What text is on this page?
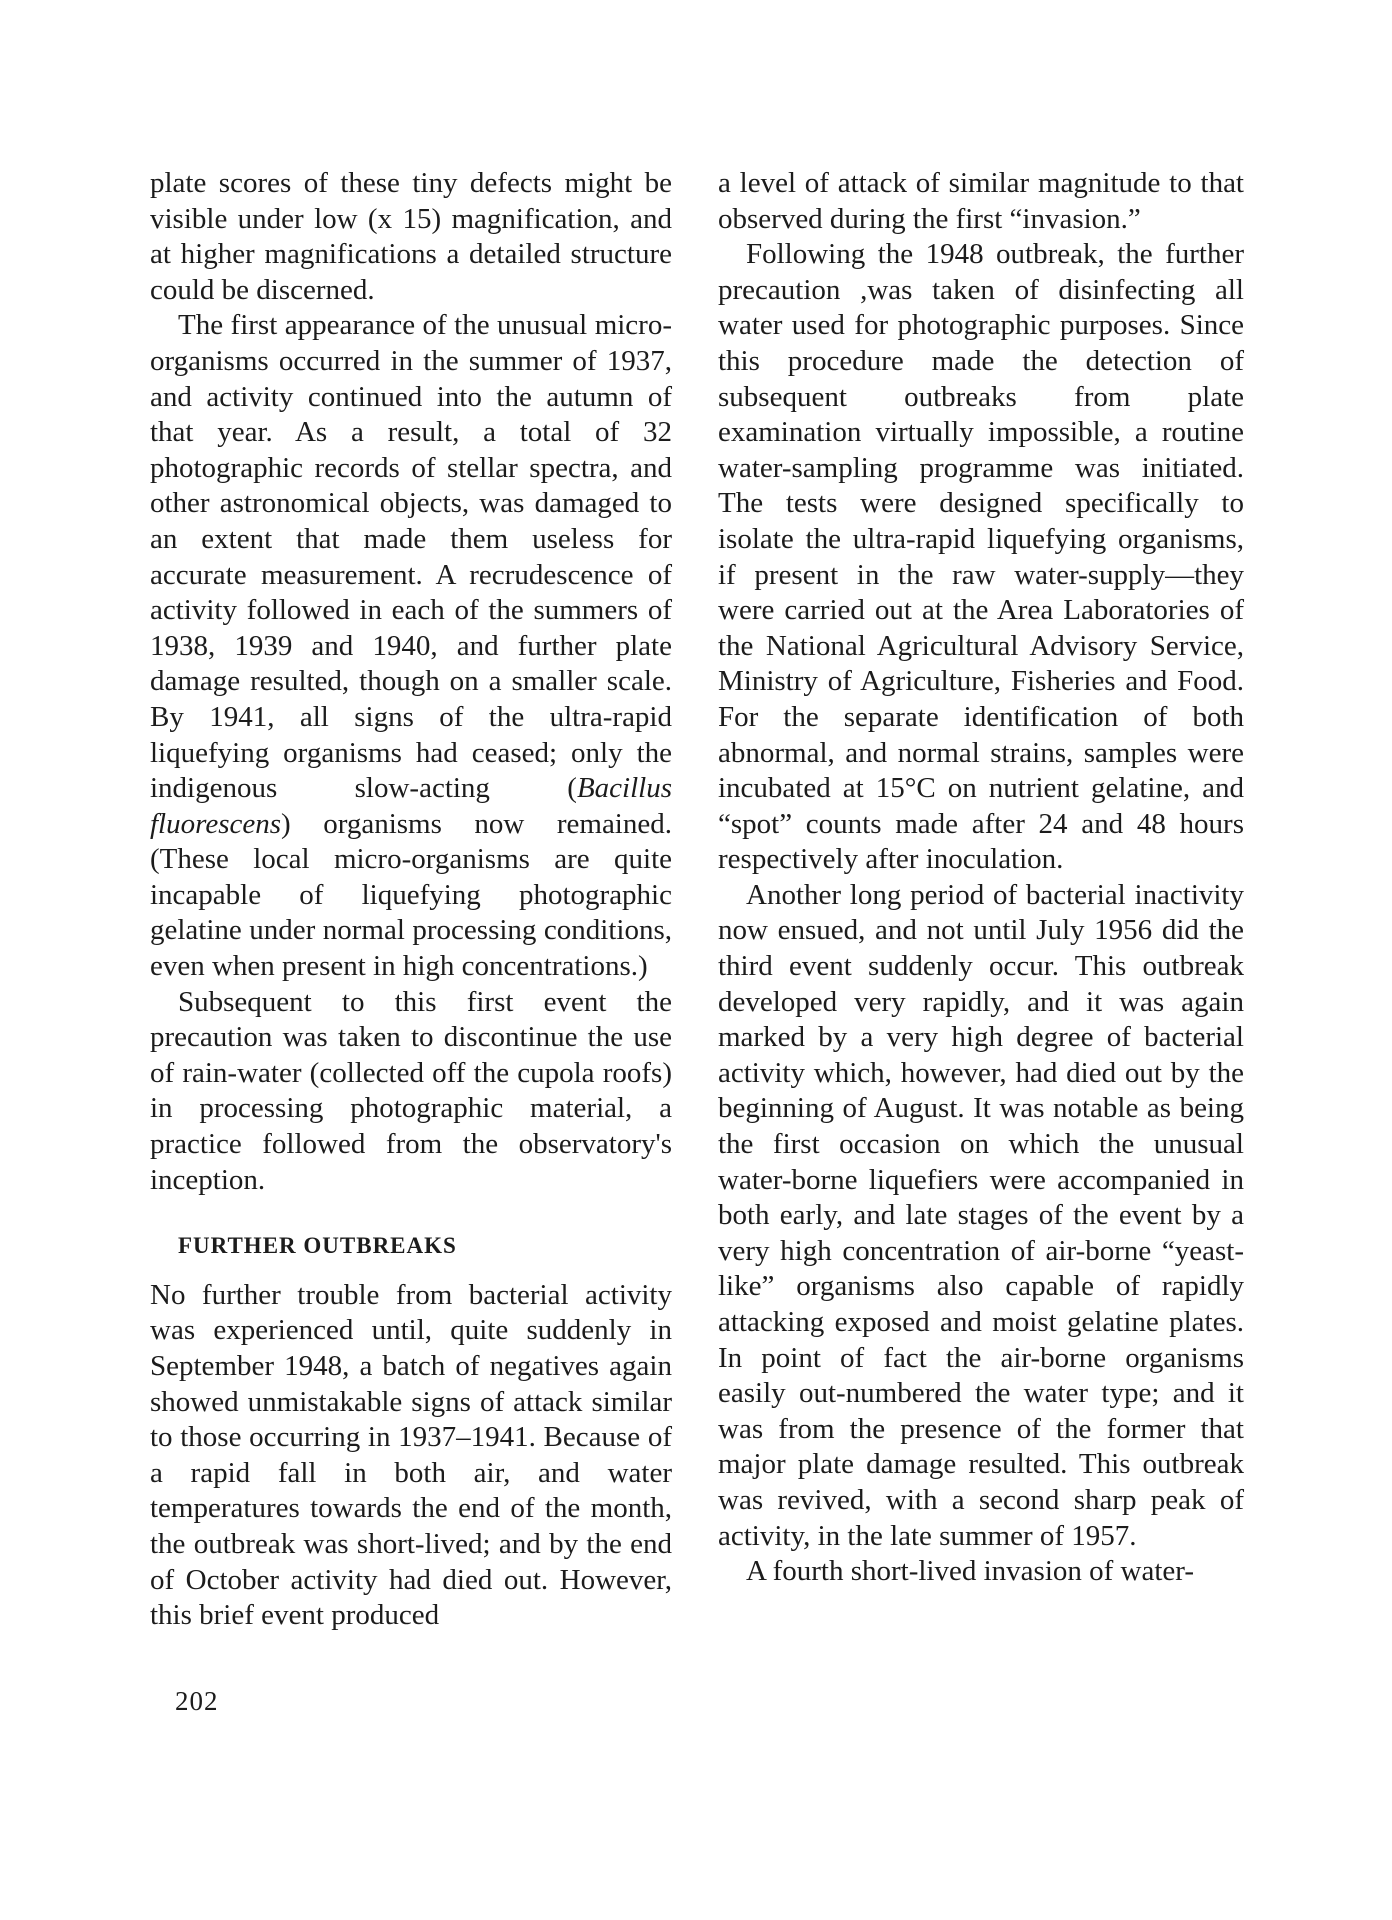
plate scores of these tiny defects might be visible under low (x 15) magnification, and at higher magnifications a detailed structure could be discerned.

The first appearance of the unusual micro-organisms occurred in the summer of 1937, and activity continued into the autumn of that year. As a result, a total of 32 photographic records of stellar spectra, and other astronomical objects, was damaged to an extent that made them useless for accurate measurement. A recrudescence of activity followed in each of the summers of 1938, 1939 and 1940, and further plate damage resulted, though on a smaller scale. By 1941, all signs of the ultra-rapid liquefying organisms had ceased; only the indigenous slow-acting (Bacillus fluorescens) organisms now remained. (These local micro-organisms are quite incapable of liquefying photographic gelatine under normal processing conditions, even when present in high concentrations.)

Subsequent to this first event the precaution was taken to discontinue the use of rain-water (collected off the cupola roofs) in processing photographic material, a practice followed from the observatory's inception.

FURTHER OUTBREAKS

No further trouble from bacterial activity was experienced until, quite suddenly in September 1948, a batch of negatives again showed unmistakable signs of attack similar to those occurring in 1937–1941. Because of a rapid fall in both air, and water temperatures towards the end of the month, the outbreak was short-lived; and by the end of October activity had died out. However, this brief event produced

a level of attack of similar magnitude to that observed during the first “invasion.”

Following the 1948 outbreak, the further precaution ,was taken of disinfecting all water used for photographic purposes. Since this procedure made the detection of subsequent outbreaks from plate examination virtually impossible, a routine water-sampling programme was initiated. The tests were designed specifically to isolate the ultra-rapid liquefying organisms, if present in the raw water-supply—they were carried out at the Area Laboratories of the National Agricultural Advisory Service, Ministry of Agriculture, Fisheries and Food. For the separate identification of both abnormal, and normal strains, samples were incubated at 15°C on nutrient gelatine, and “spot” counts made after 24 and 48 hours respectively after inoculation.

Another long period of bacterial inactivity now ensued, and not until July 1956 did the third event suddenly occur. This outbreak developed very rapidly, and it was again marked by a very high degree of bacterial activity which, however, had died out by the beginning of August. It was notable as being the first occasion on which the unusual water-borne liquefiers were accompanied in both early, and late stages of the event by a very high concentration of air-borne “yeast-like” organisms also capable of rapidly attacking exposed and moist gelatine plates. In point of fact the air-borne organisms easily out-numbered the water type; and it was from the presence of the former that major plate damage resulted. This outbreak was revived, with a second sharp peak of activity, in the late summer of 1957.

A fourth short-lived invasion of water-

202
